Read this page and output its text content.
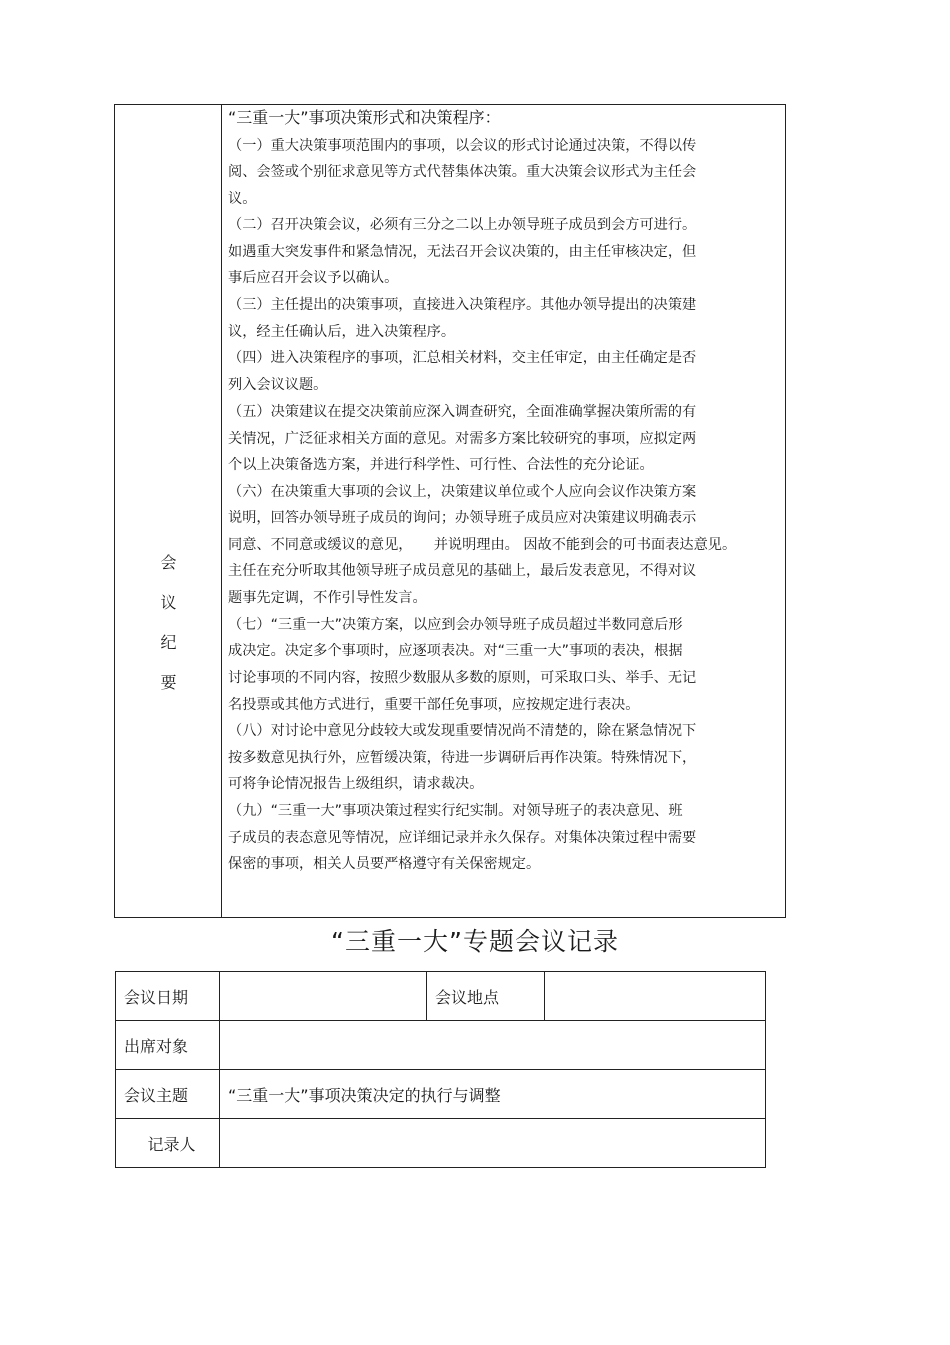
会
议
纪
要
“三重一大”事项决策形式和决策程序：
（一）重大决策事项范围内的事项，以会议的形式讨论通过决策，不得以传
阅、会签或个别征求意见等方式代替集体决策。重大决策会议形式为主任会
议。
（二）召开决策会议，必须有三分之二以上办领导班子成员到会方可进行。
如遇重大突发事件和紧急情况，无法召开会议决策的，由主任审核决定，但
事后应召开会议予以确认。
（三）主任提出的决策事项，直接进入决策程序。其他办领导提出的决策建
议，经主任确认后，进入决策程序。
（四）进入决策程序的事项，汇总相关材料，交主任审定，由主任确定是否
列入会议议题。
（五）决策建议在提交决策前应深入调查研究，全面准确掌握决策所需的有
关情况，广泛征求相关方面的意见。对需多方案比较研究的事项，应拟定两
个以上决策备选方案，并进行科学性、可行性、合法性的充分论证。
（六）在决策重大事项的会议上，决策建议单位或个人应向会议作决策方案
说明，回答办领导班子成员的询问；办领导班子成员应对决策建议明确表示
同意、不同意或缓议的意见，　　并说明理由。 因故不能到会的可书面表达意见。
主任在充分听取其他领导班子成员意见的基础上，最后发表意见，不得对议
题事先定调，不作引导性发言。
（七）“三重一大”决策方案，以应到会办领导班子成员超过半数同意后形
成决定。决定多个事项时，应逐项表决。对“三重一大”事项的表决，根据
讨论事项的不同内容，按照少数服从多数的原则，可采取口头、举手、无记
名投票或其他方式进行，重要干部任免事项，应按规定进行表决。
（八）对讨论中意见分歧较大或发现重要情况尚不清楚的，除在紧急情况下
按多数意见执行外，应暂缓决策，待进一步调研后再作决策。特殊情况下，
可将争论情况报告上级组织，请求裁决。
（九）“三重一大”事项决策过程实行纪实制。对领导班子的表决意见、班
子成员的表态意见等情况，应详细记录并永久保存。对集体决策过程中需要
保密的事项，相关人员要严格遵守有关保密规定。
“三重一大”专题会议记录
会议日期		会议地点	
出席对象			
会议主题	“三重一大”事项决策决定的执行与调整		
记录人			
